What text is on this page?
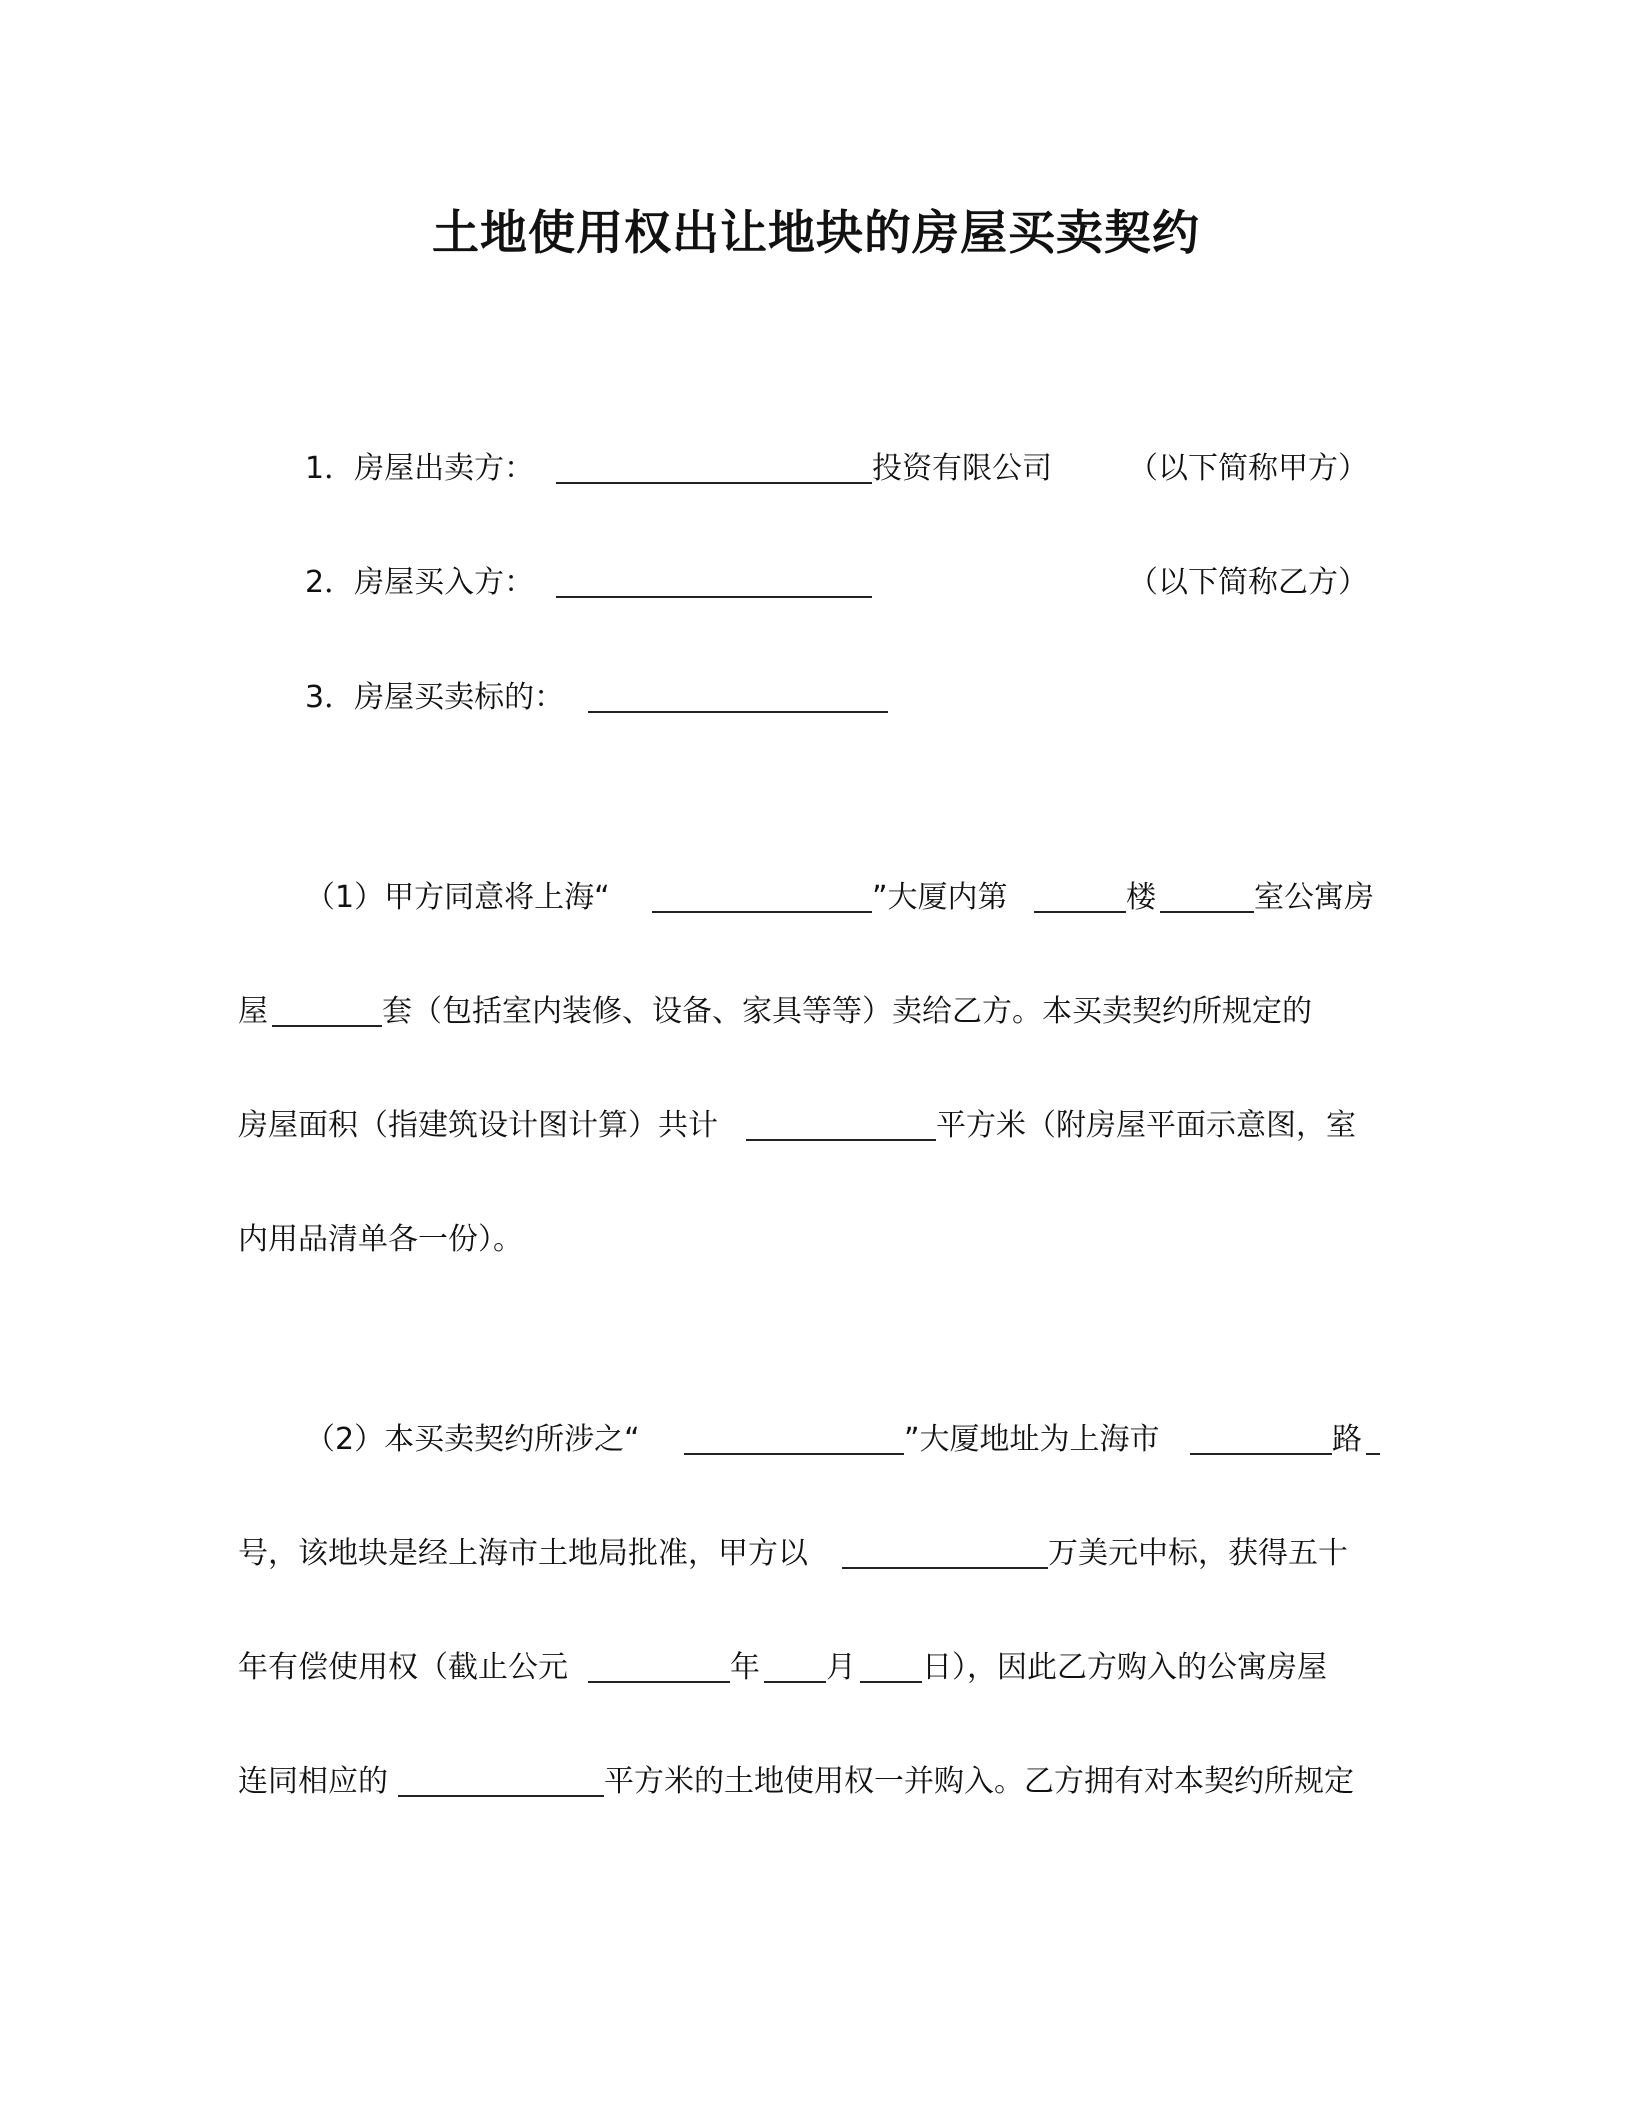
土地使用权出让地块的房屋买卖契约
1．房屋出卖方：	投资有限公司	（以下简称甲方）
2．房屋买入方：	（以下简称乙方）
3．房屋买卖标的：
（1）甲方同意将上海“	”大厦内第	楼	室公寓房
屋	套（包括室内装修、设备、家具等等）卖给乙方。本买卖契约所规定的
房屋面积（指建筑设计图计算）共计	平方米（附房屋平面示意图，室
内用品清单各一份）。
（2）本买卖契约所涉之“	”大厦地址为上海市	路
号，该地块是经上海市土地局批准，甲方以	万美元中标，获得五十
年有偿使用权（截止公元	年 月 日），因此乙方购入的公寓房屋
连同相应的	平方米的土地使用权一并购入。乙方拥有对本契约所规定
